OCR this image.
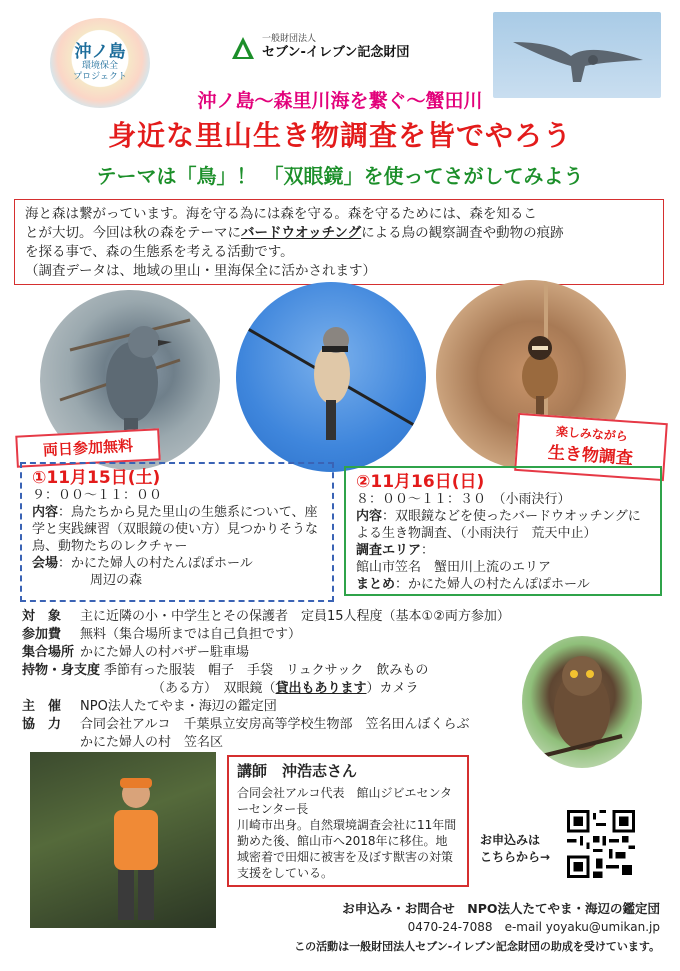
沖ノ島
環境保全
プロジェクト
一般財団法人
セブン-イレブン記念財団
沖ノ島～森里川海を繋ぐ～蟹田川
身近な里山生き物調査を皆でやろう
テーマは「鳥」！ 「双眼鏡」を使ってさがしてみよう
海と森は繋がっています。海を守る為には森を守る。森を守るためには、森を知るこ
とが大切。今回は秋の森をテーマにバードウオッチングによる鳥の観察調査や動物の痕跡
を探る事で、森の生態系を考える活動です。
（調査データは、地域の里山・里海保全に活かされます）
両日参加無料
楽しみながら
生き物調査
①11月15日(土)
９：００～１１：００
内容：鳥たちから見た里山の生態系について、座学と実践練習（双眼鏡の使い方）見つかりそうな鳥、動物たちのレクチャー
会場：かにた婦人の村たんぽぽホール
周辺の森
②11月16日(日)
８：００～１１：３０　（小雨決行）
内容：双眼鏡などを使ったバードウオッチングによる生き物調査、（小雨決行　荒天中止）
調査エリア：
館山市笠名　蟹田川上流のエリア
まとめ：かにた婦人の村たんぽぽホール
対　象	主に近隣の小・中学生とその保護者　定員15人程度（基本①②両方参加）
参加費	無料（集合場所までは自己負担です）
集合場所 かにた婦人の村バザー駐車場
持物・身支度 季節有った服装　帽子　手袋　リュクサック　飲みもの
（ある方）　双眼鏡（貸出もあります）カメラ
主　催	NPO法人たてやま・海辺の鑑定団
協　力	合同会社アルコ　千葉県立安房高等学校生物部　笠名田んぼくらぶ
かにた婦人の村　笠名区
講師　沖浩志さん
合同会社アルコ代表　館山ジビエセンターセンター長
川崎市出身。自然環境調査会社に11年間勤めた後、館山市へ2018年に移住。地域密着で田畑に被害を及ぼす獣害の対策支援をしている。
お申込みは
こちらから→
お申込み・お問合せ　NPO法人たてやま・海辺の鑑定団
0470-24-7088　e-mail yoyaku@umikan.jp
この活動は一般財団法人セブン-イレブン記念財団の助成を受けています。
